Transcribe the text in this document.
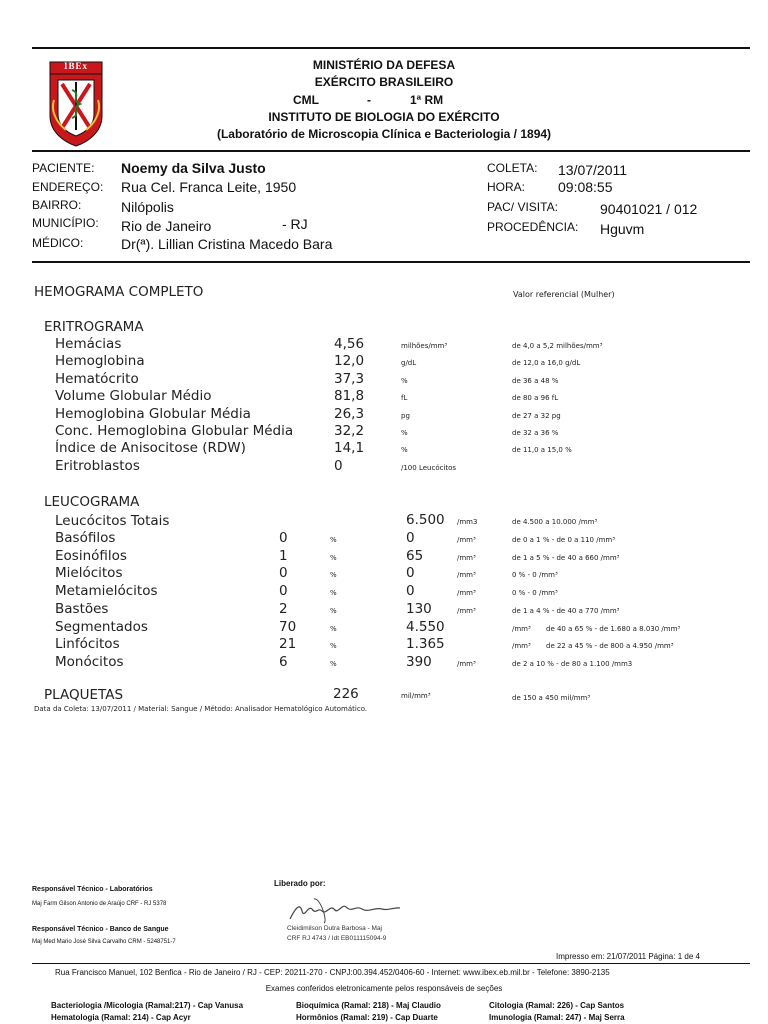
IBEx	MINISTÉRIO DA DEFESA
EXÉRCITO BRASILEIRO
CML	-	1ª RM
INSTITUTO DE BIOLOGIA DO EXÉRCITO
(Laboratório de Microscopia Clínica e Bacteriologia / 1894)
PACIENTE: Noemy da Silva Justo
ENDEREÇO: Rua Cel. Franca Leite, 1950
BAIRRO:	Nilópolis
MUNICÍPIO: Rio de Janeiro	- RJ
MÉDICO:	Dr(ª). Lillian Cristina Macedo Bara
COLETA: 13/07/2011
HORA: 09:08:55
PAC/ VISITA:	90401021 / 012
PROCEDÊNCIA: Hguvm
HEMOGRAMA COMPLETO	Valor referencial (Mulher)
ERITROGRAMA
Hemácias	4,56	milhões/mm³	de 4,0 a 5,2 milhões/mm³
Hemoglobina	12,0	g/dL	de 12,0 a 16,0 g/dL
Hematócrito	37,3	%	de 36 a 48 %
Volume Globular Médio	81,8	fL	de 80 a 96 fL
Hemoglobina Globular Média	26,3	pg	de 27 a 32 pg
Conc. Hemoglobina Globular Média	32,2	%	de 32 a 36 %
Índice de Anisocitose (RDW)	14,1	%	de 11,0 a 15,0 %
Eritroblastos	0	/100 Leucócitos
LEUCOGRAMA
Leucócitos Totais	6.500 /mm3	de 4.500 a 10.000 /mm³
Basófilos	0	%	0	/mm³	de 0 a 1 % - de 0 a 110 /mm³
Eosinófilos	1	%	65	/mm³	de 1 a 5 % - de 40 a 660 /mm³
Mielócitos	0	%	0	/mm³	0 % - 0 /mm³
Metamielócitos	0	%	0	/mm³	0 % - 0 /mm³
Bastões	2	%	130	/mm³	de 1 a 4 % - de 40 a 770 /mm³
Segmentados	70	%	4.550	/mm³ de 40 a 65 % - de 1.680 a 8.030 /mm³
Linfócitos	21	%	1.365	/mm³ de 22 a 45 % - de 800 a 4.950 /mm³
Monócitos	6	%	390	/mm³	de 2 a 10 % - de 80 a 1.100 /mm3
PLAQUETAS	226	mil/mm³	de 150 a 450 mil/mm³
Data da Coleta: 13/07/2011 / Material: Sangue / Método: Analisador Hematológico Automático.
Liberado por:
Responsável Técnico - Laboratórios
Maj Farm Gilson Antonio de Araújo CRF - RJ 5378
Responsável Técnico - Banco de Sangue
Maj Med Mario José Silva Carvalho CRM - 5248751-7
Cleidimilson Dutra Barbosa - Maj
CRF RJ 4743 / Idt EB011115094-9
Impresso em: 21/07/2011 Página: 1 de 4
Rua Francisco Manuel, 102 Benfica - Rio de Janeiro / RJ - CEP: 20211-270 - CNPJ:00.394.452/0406-60 - Internet: www.ibex.eb.mil.br - Telefone: 3890-2135
Exames conferidos eletronicamente pelos responsáveis de seções
Bacteriologia /Micologia (Ramal:217) - Cap Vanusa
Hematologia (Ramal: 214) - Cap Acyr
Bioquímica (Ramal: 218) - Maj Claudio
Hormônios (Ramal: 219) - Cap Duarte
Citologia (Ramal: 226) - Cap Santos
Imunologia (Ramal: 247) - Maj Serra
